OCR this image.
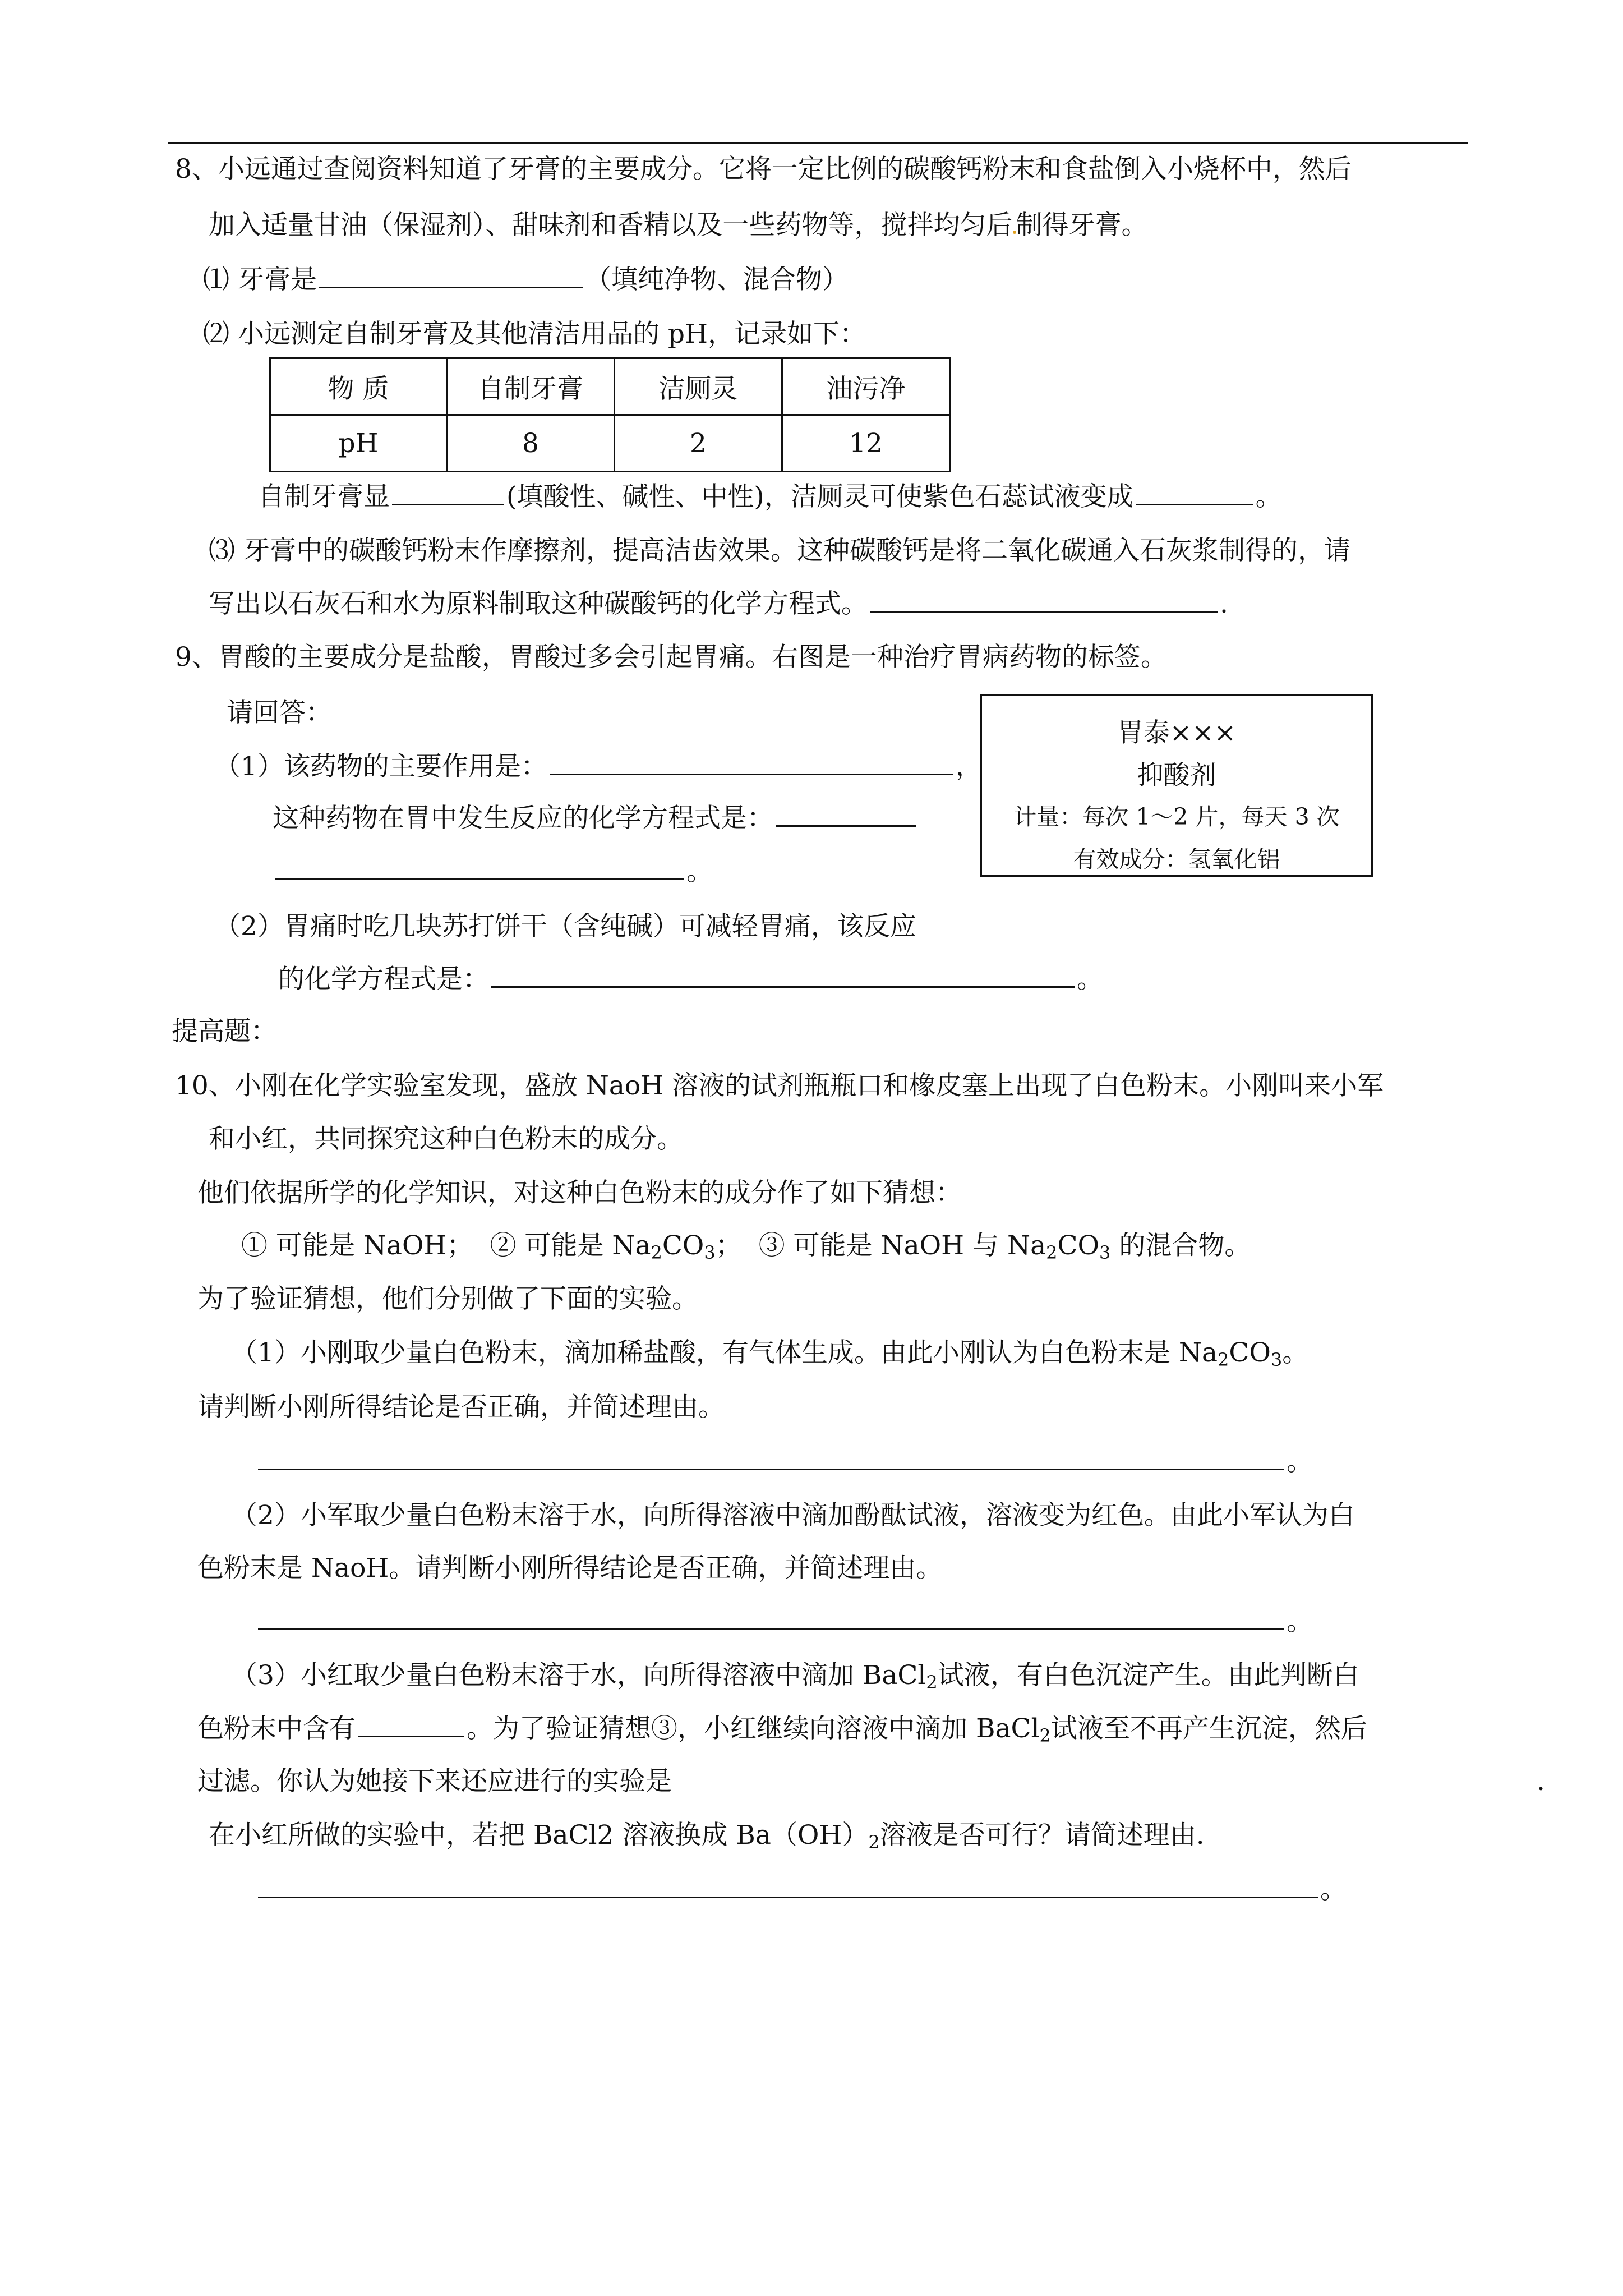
8、小远通过查阅资料知道了牙膏的主要成分。它将一定比例的碳酸钙粉末和食盐倒入小烧杯中，然后
加入适量甘油（保湿剂）、甜味剂和香精以及一些药物等，搅拌均匀后 制得牙膏。
⑴ 牙膏是	（填纯净物、混合物）
⑵ 小远测定自制牙膏及其他清洁用品的 pH，记录如下：
物 质	自制牙膏	洁厕灵	油污净
pH	8	2	12
自制牙膏显	(填酸性、碱性、中性)，洁厕灵可使紫色石蕊试液变成	。
⑶ 牙膏中的碳酸钙粉末作摩擦剂，提高洁齿效果。这种碳酸钙是将二氧化碳通入石灰浆制得的，请
写出以石灰石和水为原料制取这种碳酸钙的化学方程式。	.
9、胃酸的主要成分是盐酸，胃酸过多会引起胃痛。右图是一种治疗胃病药物的标签。
请回答：
（1）该药物的主要作用是：	，
这种药物在胃中发生反应的化学方程式是：
。
（2）胃痛时吃几块苏打饼干（含纯碱）可减轻胃痛，该反应
的化学方程式是：	。
胃泰×××
抑酸剂
计量：每次 1～2 片，每天 3 次
有效成分：氢氧化铝
提高题：
10、小刚在化学实验室发现，盛放 NaoH 溶液的试剂瓶瓶口和橡皮塞上出现了白色粉末。小刚叫来小军
和小红，共同探究这种白色粉末的成分。
他们依据所学的化学知识，对这种白色粉末的成分作了如下猜想：
① 可能是 NaOH； ② 可能是 $Na_2CO_3$； ③ 可能是 NaOH 与 $Na_2CO_3$ 的混合物。
为了验证猜想，他们分别做了下面的实验。
（1）小刚取少量白色粉末，滴加稀盐酸，有气体生成。由此小刚认为白色粉末是 $Na_2CO_3$。
请判断小刚所得结论是否正确，并简述理由。
。
（2）小军取少量白色粉末溶于水，向所得溶液中滴加酚酞试液，溶液变为红色。由此小军认为白
色粉末是 NaoH。请判断小刚所得结论是否正确，并简述理由。
。
（3）小红取少量白色粉末溶于水，向所得溶液中滴加 BaCl$_2$试液，有白色沉淀产生。由此判断白
色粉末中含有	。为了验证猜想③，小红继续向溶液中滴加 BaCl$_2$试液至不再产生沉淀，然后
过滤。你认为她接下来还应进行的实验是	.
在小红所做的实验中，若把 BaCl2 溶液换成 $Ba(OH)_2$溶液是否可行？请简述理由.
。
